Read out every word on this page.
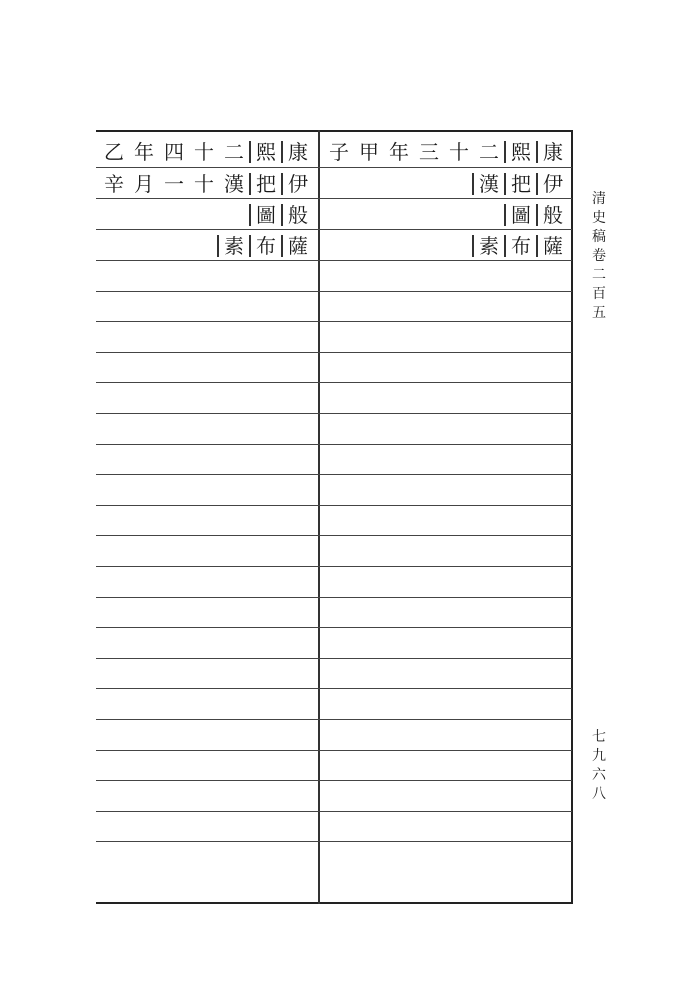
乙 年 四 十 二 熙 康
辛 月 一 十 漢 把 伊
圖 般
素 布 薩
子 甲 年 三 十 二 熙 康
漢 把 伊
圖 般
素 布 薩
清
史
稿
卷
二
百
五
七
九
六
八
